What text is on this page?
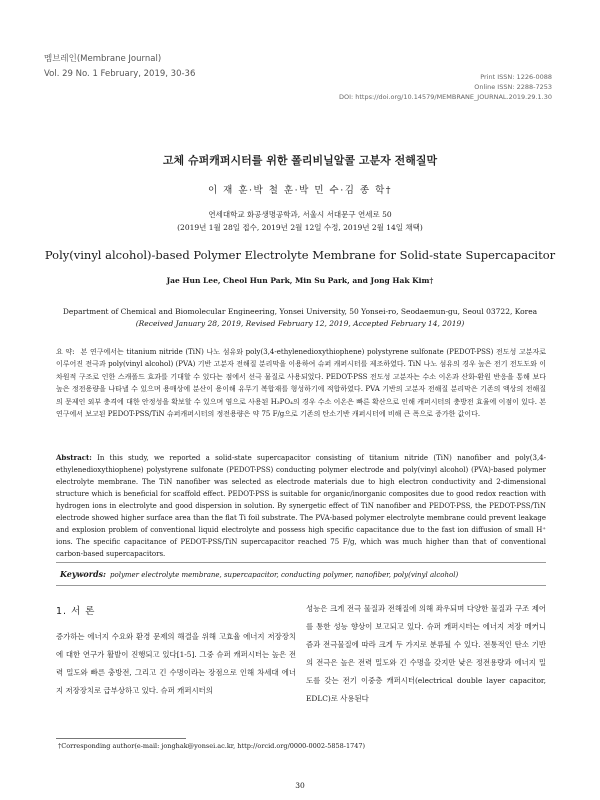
멤브레인(Membrane Journal)
Vol. 29 No. 1 February, 2019, 30-36	Print ISSN: 1226-0088
Online ISSN: 2288-7253
DOI: https://doi.org/10.14579/MEMBRANE_JOURNAL.2019.29.1.30
고체 슈퍼캐퍼시터를 위한 폴리비닐알콜 고분자 전해질막
이 재 훈·박 철 훈·박 민 수·김 종 학†
연세대학교 화공생명공학과, 서울시 서대문구 연세로 50
(2019년 1월 28일 접수, 2019년 2월 12일 수정, 2019년 2월 14일 채택)
Poly(vinyl alcohol)-based Polymer Electrolyte Membrane for Solid-state Supercapacitor
Jae Hun Lee, Cheol Hun Park, Min Su Park, and Jong Hak Kim†
Department of Chemical and Biomolecular Engineering, Yonsei University, 50 Yonsei-ro, Seodaemun-gu, Seoul 03722, Korea
(Received January 28, 2019, Revised February 12, 2019, Accepted February 14, 2019)
요 약: 본 연구에서는 titanium nitride (TiN) 나노 섬유와 poly(3,4-ethylenedioxythiophene) polystyrene sulfonate (PEDOT-PSS) 전도성 고분자로 이루어진 전극과 poly(vinyl alcohol) (PVA) 기반 고분자 전해질 분리막을 이용하여 슈퍼 캐퍼시터를 제조하였다. TiN 나노 섬유의 경우 높은 전기 전도도와 이차원적 구조로 인한 스캐폴드 효과를 기대할 수 있다는 점에서 선극 물질로 사용되었다. PEDOT-PSS 전도성 고분자는 수소 이온과 산화-환원 반응을 통해 보다 높은 정전용량을 나타낼 수 있으며 용매상에 분산이 용이해 유무기 복합재를 형성하기에 적합하였다. PVA 기반의 고분자 전해질 분리막은 기존의 액상의 전해질의 문제인 외부 충격에 대한 안정성을 확보할 수 있으며 염으로 사용된 H₃PO₄의 경우 수소 이온은 빠른 확산으로 인해 캐퍼시터의 충방전 효율에 이점이 있다. 본 연구에서 보고된 PEDOT-PSS/TiN 슈퍼캐퍼시터의 정전용량은 약 75 F/g으로 기존의 탄소기반 캐퍼시터에 비해 큰 폭으로 증가한 값이다.
Abstract: In this study, we reported a solid-state supercapacitor consisting of titanium nitride (TiN) nanofiber and poly(3,4-ethylenedioxythiophene) polystyrene sulfonate (PEDOT-PSS) conducting polymer electrode and poly(vinyl alcohol) (PVA)-based polymer electrolyte membrane. The TiN nanofiber was selected as electrode materials due to high electron conductivity and 2-dimensional structure which is beneficial for scaffold effect. PEDOT-PSS is suitable for organic/inorganic composites due to good redox reaction with hydrogen ions in electrolyte and good dispersion in solution. By synergetic effect of TiN nanofiber and PEDOT-PSS, the PEDOT-PSS/TiN electrode showed higher surface area than the flat Ti foil substrate. The PVA-based polymer electrolyte membrane could prevent leakage and explosion problem of conventional liquid electrolyte and possess high specific capacitance due to the fast ion diffusion of small H⁺ ions. The specific capacitance of PEDOT-PSS/TiN supercapacitor reached 75 F/g, which was much higher than that of conventional carbon-based supercapacitors.
Keywords: polymer electrolyte membrane, supercapacitor, conducting polymer, nanofiber, poly(vinyl alcohol)
1. 서 론

증가하는 에너지 수요와 환경 문제의 해결을 위해 고효율 에너지 저장장치에 대한 연구가 활발이 진행되고 있다[1-5]. 그중 슈퍼 캐퍼시터는 높은 전력 밀도와 빠른 충방전, 그리고 긴 수명이라는 장점으로 인해 차세대 에너지 저장장치로 급부상하고 있다. 슈퍼 캐퍼시터의

성능은 크게 전극 물질과 전해질에 의해 좌우되며 다양한 물질과 구조 제어를 통한 성능 향상이 보고되고 있다. 슈퍼 캐퍼시터는 에너지 저장 메커니즘과 전극물질에 따라 크게 두 가지로 분류될 수 있다. 전통적인 탄소 기반의 전극은 높은 전력 밀도와 긴 수명을 갖지만 낮은 정전용량과 에너지 밀도를 갖는 전기 이중층 캐퍼시터(electrical double layer capacitor, EDLC)로 사용된다

†Corresponding author(e-mail: jonghak@yonsei.ac.kr, http://orcid.org/0000-0002-5858-1747)
30
